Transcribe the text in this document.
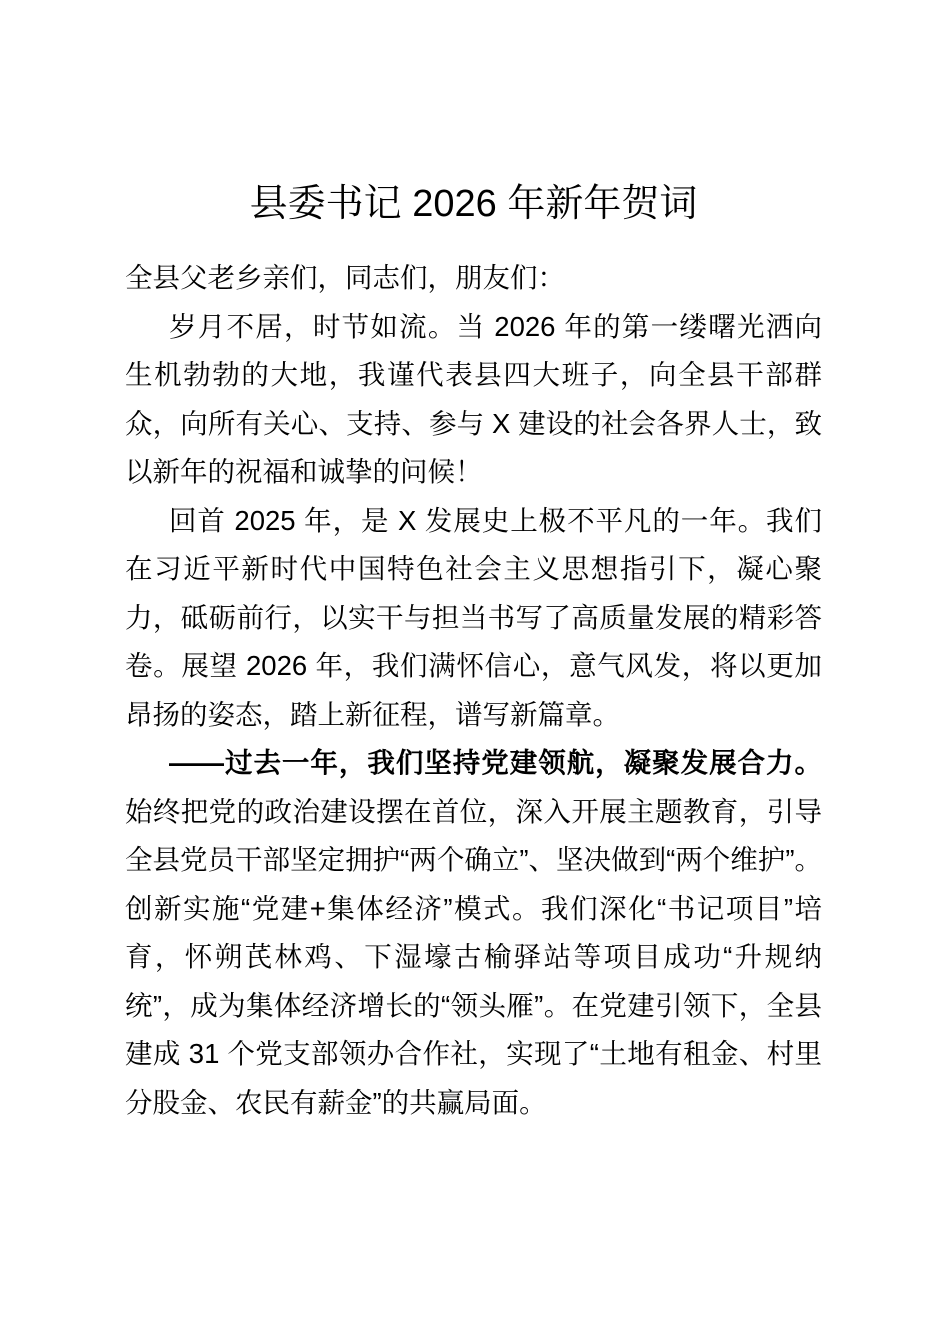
县委书记 2026 年新年贺词

全县父老乡亲们，同志们，朋友们：

岁月不居，时节如流。当 2026 年的第一缕曙光洒向生机勃勃的大地，我谨代表县四大班子，向全县干部群众，向所有关心、支持、参与 X 建设的社会各界人士，致以新年的祝福和诚挚的问候！

回首 2025 年，是 X 发展史上极不平凡的一年。我们在习近平新时代中国特色社会主义思想指引下，凝心聚力，砥砺前行，以实干与担当书写了高质量发展的精彩答卷。展望 2026 年，我们满怀信心，意气风发，将以更加昂扬的姿态，踏上新征程，谱写新篇章。

——过去一年，我们坚持党建领航，凝聚发展合力。始终把党的政治建设摆在首位，深入开展主题教育，引导全县党员干部坚定拥护“两个确立”、坚决做到“两个维护”。创新实施“党建+集体经济”模式。我们深化“书记项目”培育，怀朔芪林鸡、下湿壕古榆驿站等项目成功“升规纳统”，成为集体经济增长的“领头雁”。在党建引领下，全县建成 31 个党支部领办合作社，实现了“土地有租金、村里分股金、农民有薪金”的共赢局面。
